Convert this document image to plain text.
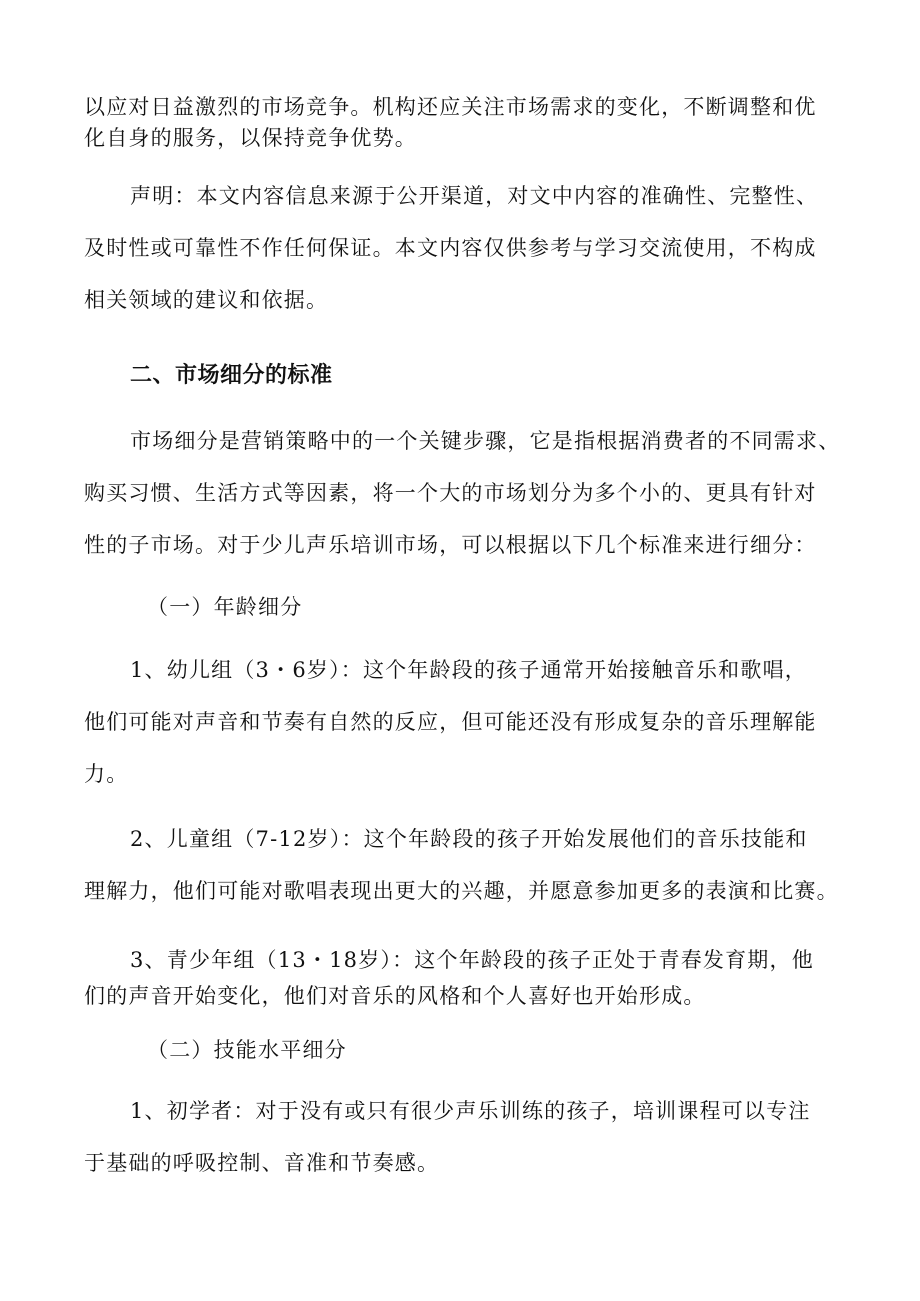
以应对日益激烈的市场竞争。机构还应关注市场需求的变化，不断调整和优
化自身的服务，以保持竞争优势。
声明：本文内容信息来源于公开渠道，对文中内容的准确性、完整性、
及时性或可靠性不作任何保证。本文内容仅供参考与学习交流使用，不构成
相关领域的建议和依据。
二、市场细分的标准
市场细分是营销策略中的一个关键步骤，它是指根据消费者的不同需求、
购买习惯、生活方式等因素，将一个大的市场划分为多个小的、更具有针对
性的子市场。对于少儿声乐培训市场，可以根据以下几个标准来进行细分：
（一）年龄细分
1、幼儿组（3・6岁）：这个年龄段的孩子通常开始接触音乐和歌唱，
他们可能对声音和节奏有自然的反应，但可能还没有形成复杂的音乐理解能
力。
2、儿童组（7-12岁）：这个年龄段的孩子开始发展他们的音乐技能和
理解力，他们可能对歌唱表现出更大的兴趣，并愿意参加更多的表演和比赛。
3、青少年组（13・18岁）：这个年龄段的孩子正处于青春发育期，他
们的声音开始变化，他们对音乐的风格和个人喜好也开始形成。
（二）技能水平细分
1、初学者：对于没有或只有很少声乐训练的孩子，培训课程可以专注
于基础的呼吸控制、音准和节奏感。
